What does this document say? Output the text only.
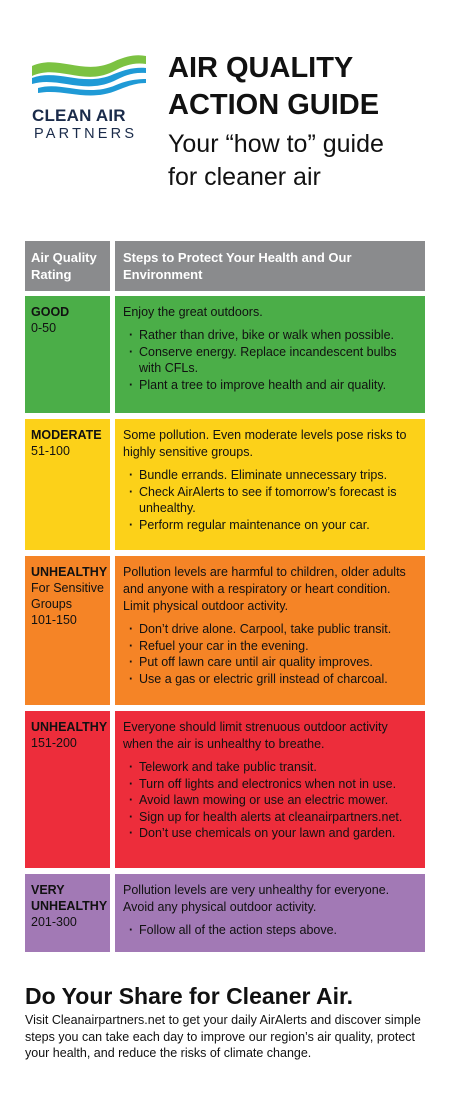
CLEAN AIR
PARTNERS
AIR QUALITY
ACTION GUIDE
Your “how to” guide
for cleaner air
Air Quality Rating
Steps to Protect Your Health and Our Environment
GOOD
0-50
Enjoy the great outdoors.
· Rather than drive, bike or walk when possible.
· Conserve energy. Replace incandescent bulbs with CFLs.
· Plant a tree to improve health and air quality.
MODERATE
51-100
Some pollution. Even moderate levels pose risks to highly sensitive groups.
· Bundle errands. Eliminate unnecessary trips.
· Check AirAlerts to see if tomorrow’s forecast is unhealthy.
· Perform regular maintenance on your car.
UNHEALTHY
For Sensitive Groups
101-150
Pollution levels are harmful to children, older adults and anyone with a respiratory or heart condition. Limit physical outdoor activity.
· Don’t drive alone. Carpool, take public transit.
· Refuel your car in the evening.
· Put off lawn care until air quality improves.
· Use a gas or electric grill instead of charcoal.
UNHEALTHY
151-200
Everyone should limit strenuous outdoor activity when the air is unhealthy to breathe.
· Telework and take public transit.
· Turn off lights and electronics when not in use.
· Avoid lawn mowing or use an electric mower.
· Sign up for health alerts at cleanairpartners.net.
· Don’t use chemicals on your lawn and garden.
VERY UNHEALTHY
201-300
Pollution levels are very unhealthy for everyone. Avoid any physical outdoor activity.
· Follow all of the action steps above.
Do Your Share for Cleaner Air.
Visit Cleanairpartners.net to get your daily AirAlerts and discover simple steps you can take each day to improve our region’s air quality, protect your health, and reduce the risks of climate change.
